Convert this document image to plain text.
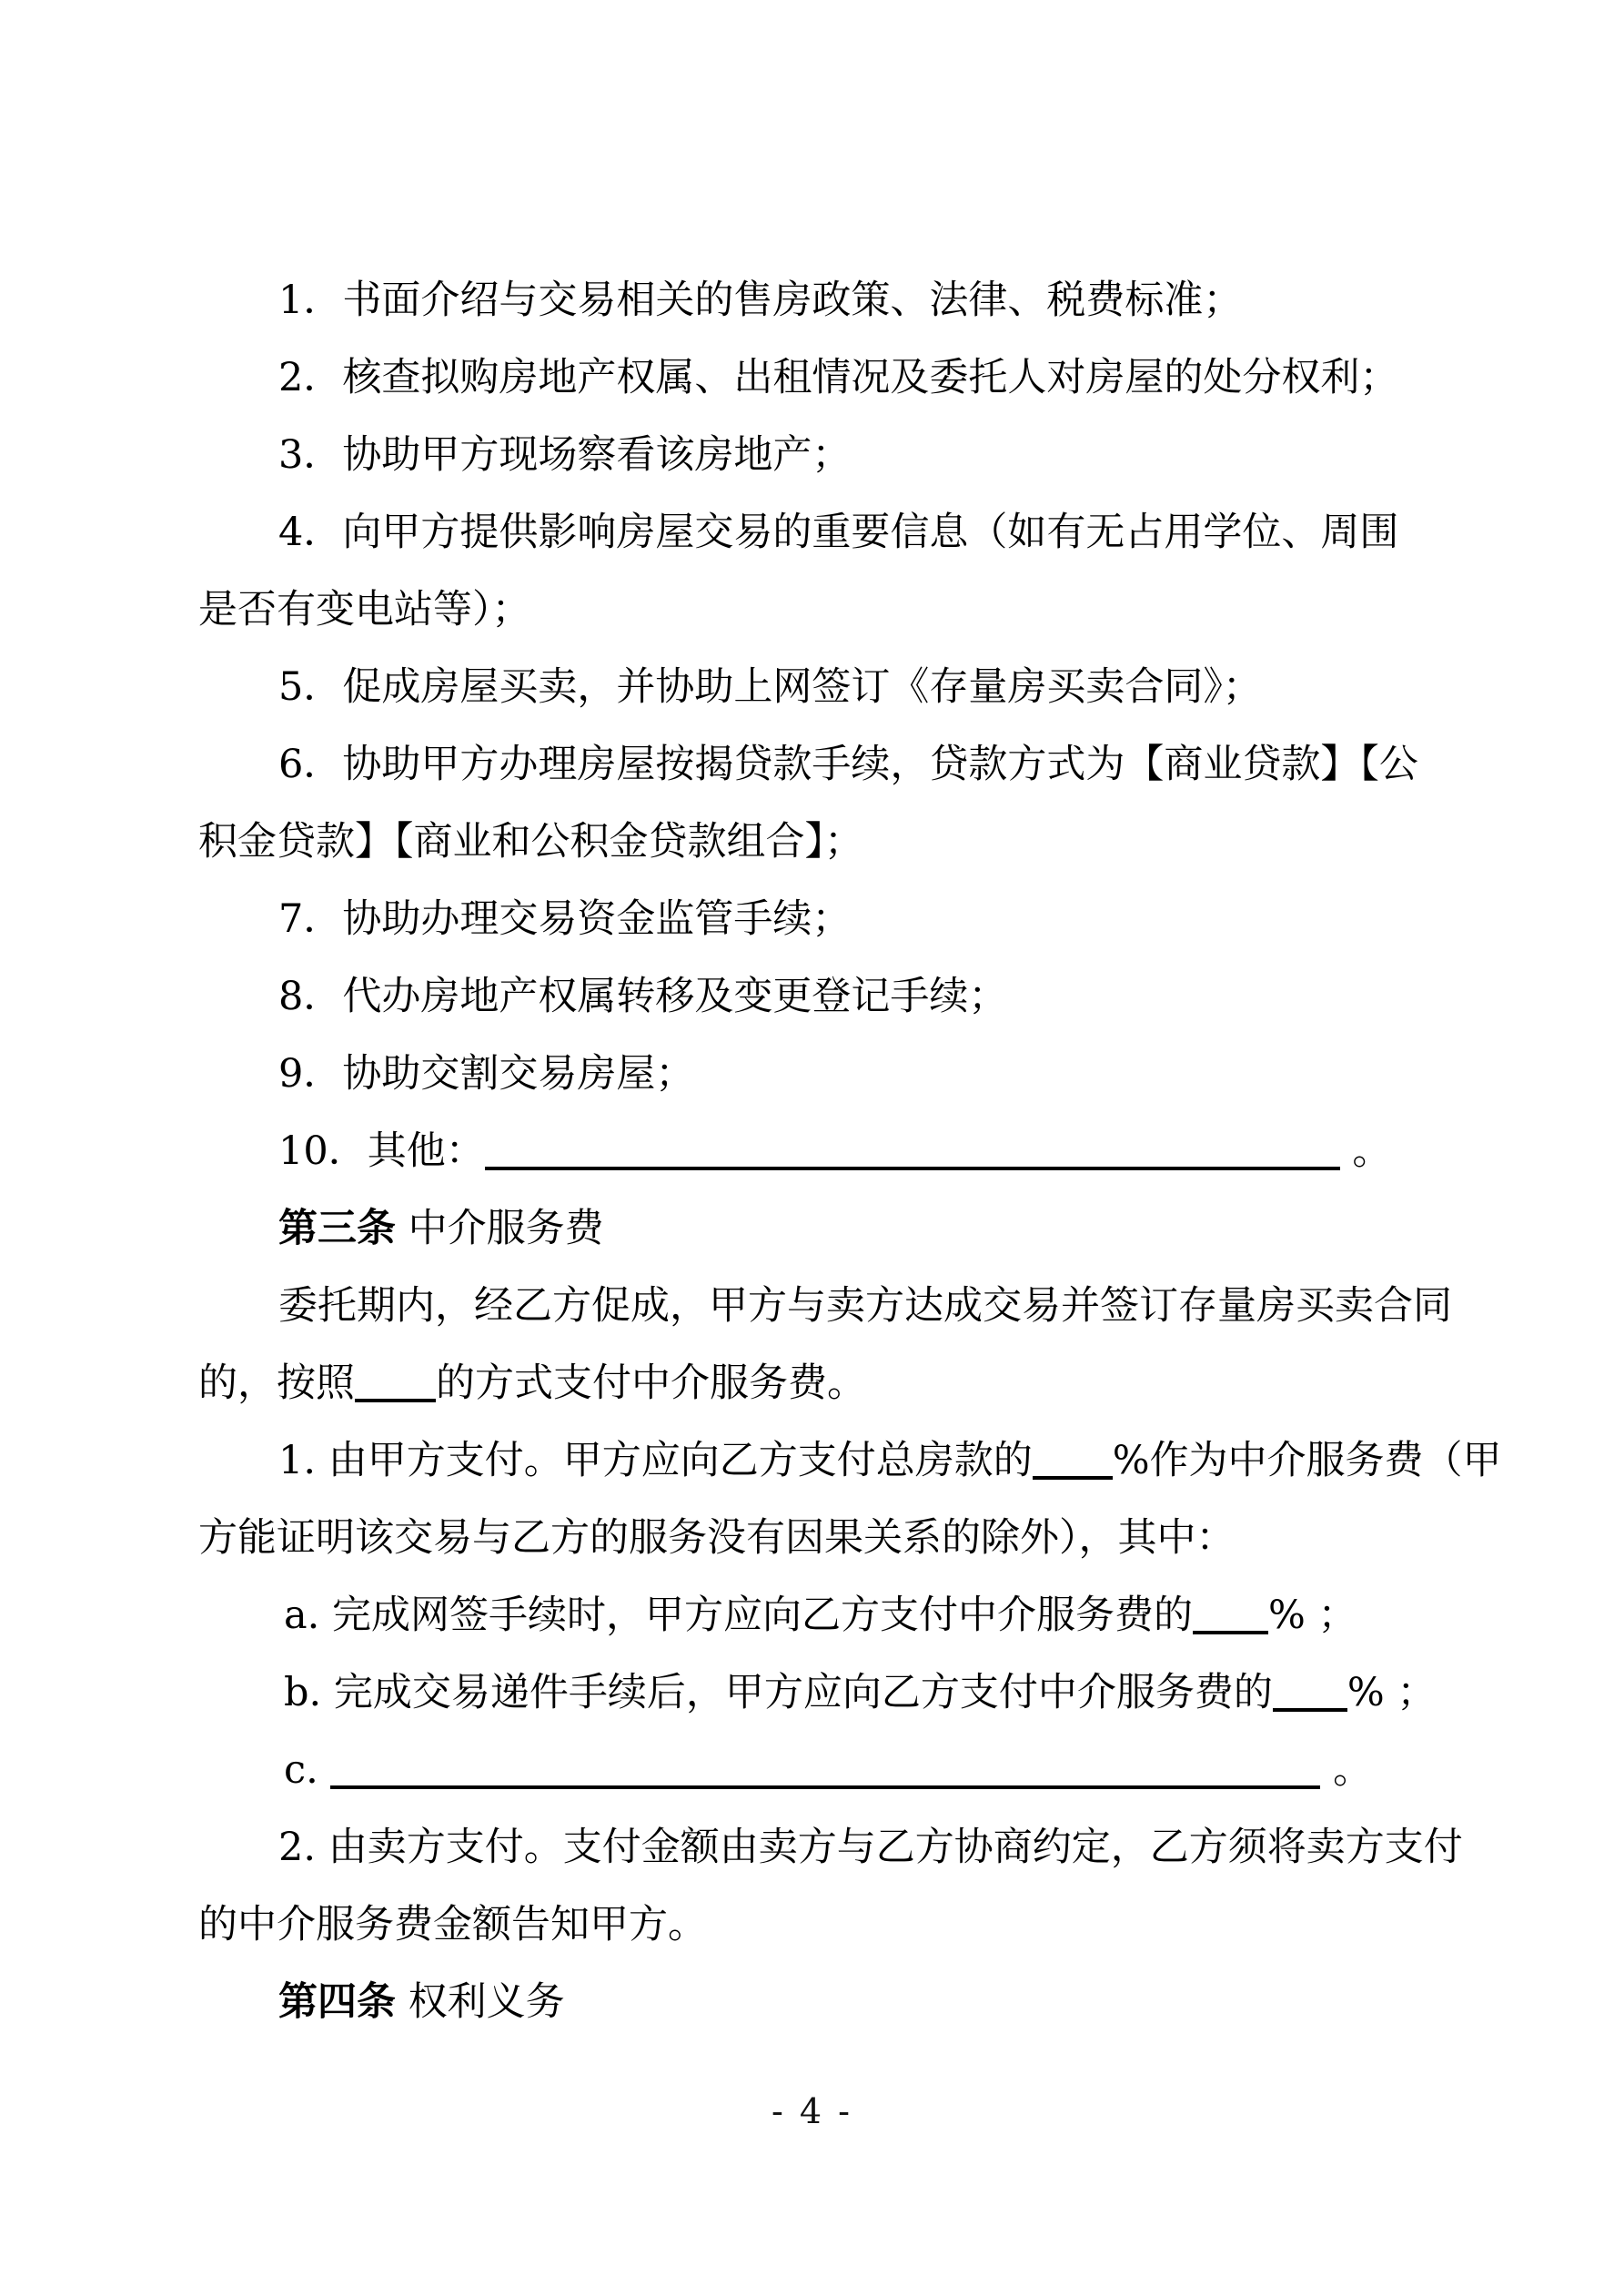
1．书面介绍与交易相关的售房政策、法律、税费标准；
2．核查拟购房地产权属、出租情况及委托人对房屋的处分权利；
3．协助甲方现场察看该房地产；
4．向甲方提供影响房屋交易的重要信息（如有无占用学位、周围
是否有变电站等）；
5．促成房屋买卖，并协助上网签订《存量房买卖合同》；
6．协助甲方办理房屋按揭贷款手续，贷款方式为【商业贷款】【公
积金贷款】【商业和公积金贷款组合】；
7．协助办理交易资金监管手续；
8．代办房地产权属转移及变更登记手续；
9．协助交割交易房屋；
10．其他：	。
第三条 中介服务费
委托期内，经乙方促成，甲方与卖方达成交易并签订存量房买卖合同
的，按照 的方式支付中介服务费。
1. 由甲方支付。甲方应向乙方支付总房款的 %作为中介服务费（甲
方能证明该交易与乙方的服务没有因果关系的除外），其中：
a. 完成网签手续时，甲方应向乙方支付中介服务费的 % ；
b. 完成交易递件手续后，甲方应向乙方支付中介服务费的 % ；
c.	。
2. 由卖方支付。支付金额由卖方与乙方协商约定，乙方须将卖方支付
的中介服务费金额告知甲方。
第四条 权利义务
- 4 -
